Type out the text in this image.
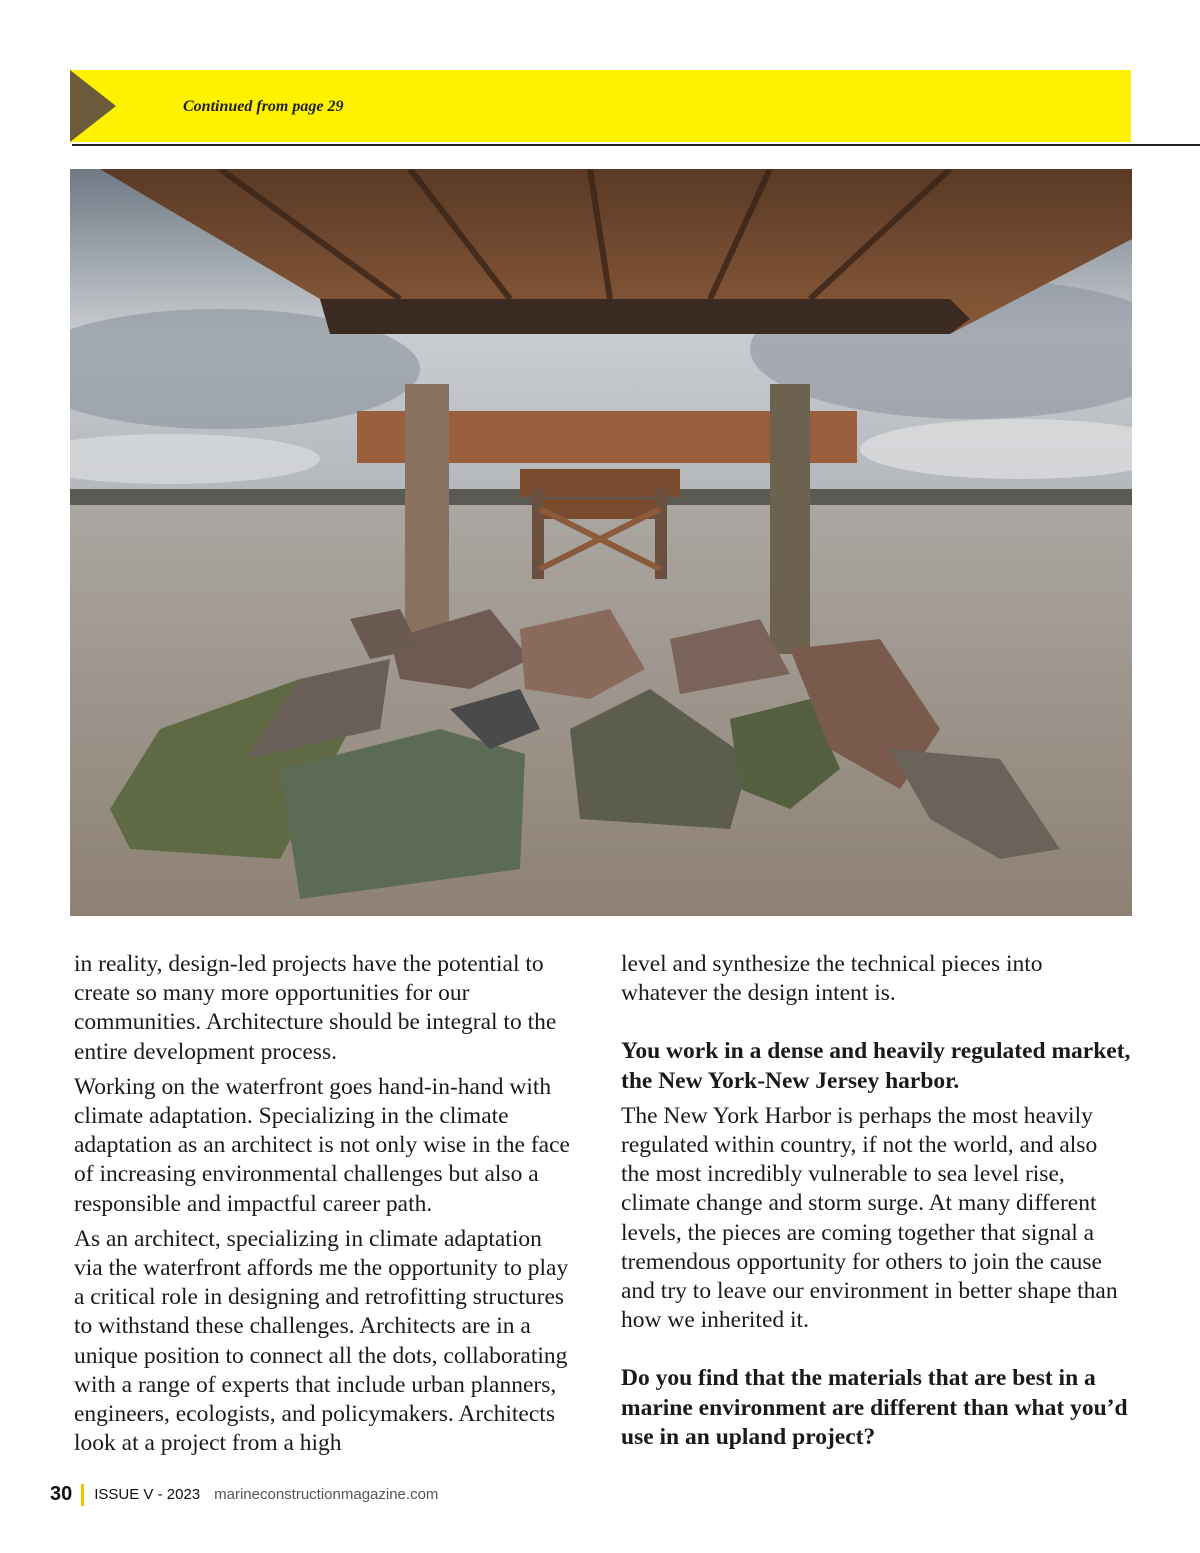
Continued from page 29

in reality, design-led projects have the potential to create so many more opportunities for our communities. Architecture should be integral to the entire development process.

Working on the waterfront goes hand-in-hand with climate adaptation. Specializing in the climate adaptation as an architect is not only wise in the face of increasing environmental challenges but also a responsible and impactful career path.

As an architect, specializing in climate adaptation via the waterfront affords me the opportunity to play a critical role in designing and retrofitting structures to withstand these challenges. Architects are in a unique position to connect all the dots, collaborating with a range of experts that include urban planners, engineers, ecologists, and policymakers. Architects look at a project from a high

level and synthesize the technical pieces into whatever the design intent is.

You work in a dense and heavily regulated market, the New York-New Jersey harbor.

The New York Harbor is perhaps the most heavily regulated within country, if not the world, and also the most incredibly vulnerable to sea level rise, climate change and storm surge. At many different levels, the pieces are coming together that signal a tremendous opportunity for others to join the cause and try to leave our environment in better shape than how we inherited it.

Do you find that the materials that are best in a marine environment are different than what you’d use in an upland project?

30 ISSUE V - 2023 marineconstructionmagazine.com
